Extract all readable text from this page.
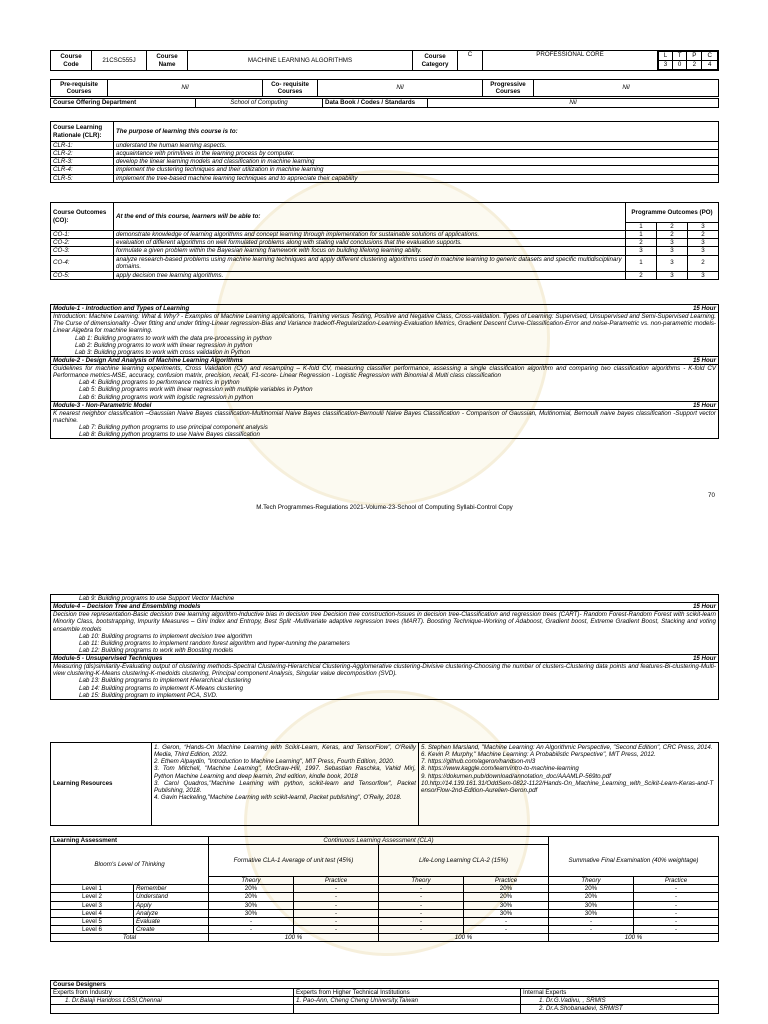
Course Code	21CSC555J	Course Name	MACHINE LEARNING ALGORITHMS	Course Category	C	PROFESSIONAL CORE		L	T	P	C
3	0	2	4
Pre-requisite Courses	Nil	Co- requisite Courses	Nil	Progressive Courses	Nil
Course Offering Department	School of Computing	Data Book / Codes / Standards	Nil
Course Learning Rationale (CLR):	The purpose of learning this course is to:
CLR-1:	understand the human learning aspects.
CLR-2:	acquaintance with primitives in the learning process by computer.
CLR-3:	develop the linear learning models and classification in machine learning
CLR-4:	implement the clustering techniques and their utilization in machine learning
CLR-5:	implement the tree-based machine learning techniques and to appreciate their capability
Course Outcomes (CO):	At the end of this course, learners will be able to:	Programme Outcomes (PO)		
		1	2	3
CO-1:	demonstrate knowledge of learning algorithms and concept learning through implementation for sustainable solutions of applications.	1	2	2
CO-2:	evaluation of different algorithms on well formulated problems along with stating valid conclusions that the evaluation supports.	2	3	3
CO-3:	formulate a given problem within the Bayesian learning framework with focus on building lifelong learning ability.	3	3	3
CO-4:	analyze research-based problems using machine learning techniques and apply different clustering algorithms used in machine learning to generic datasets and specific multidisciplinary domains.	1	3	2
CO-5:	apply decision tree learning algorithms.	2	3	3
Module-1 - Introduction and Types of Learning	15 Hour

Introduction: Machine Learning: What & Why? - Examples of Machine Learning applications, Training versus Testing, Positive and Negative Class, Cross-validation. Types of Learning: Supervised, Unsupervised and Semi-Supervised Learning. The Curse of dimensionality -Over fitting and under fitting-Linear regression-Bias and Variance tradeoff-Regularization-Learning-Evaluation Metrics, Gradient Descent Curve-Classification-Error and noise-Parametric vs. non-parametric models-Linear Algebra for machine learning.
Lab 1: Building programs to work with the data pre-processing in python
Lab 2: Building programs to work with linear regression in python
Lab 3: Building programs to work with cross validation in Python

Module-2 - Design And Analysis of Machine Learning Algorithms	15 Hour

Guidelines for machine learning experiments, Cross Validation (CV) and resampling – K-fold CV, measuring classifier performance, assessing a single classification algorithm and comparing two classification algorithms - K-fold CV Performance metrics-MSE, accuracy, confusion matrix, precision, recall, F1-score- Linear Regression - Logistic Regression with Binomial & Multi class classification
Lab 4: Building programs to performance metrics in python
Lab 5: Building programs work with linear regression with multiple variables in Python
Lab 6: Building programs work with logistic regression in python

Module-3 - Non-Parametric Model	15 Hour

K nearest neighbor classification –Gaussian Naive Bayes classification-Multinomial Naive Bayes classification-Bernoulli Naive Bayes Classification - Comparison of Gaussian, Multinomial, Bernoulli naive bayes classification -Support vector machine.
Lab 7: Building python programs to use principal component analysis
Lab 8: Building python programs to use Naive Bayes classification
70
M.Tech Programmes-Regulations 2021-Volume-23-School of Computing Syllabi-Control Copy
Lab 9: Building programs to use Support Vector Machine

Module-4 – Decision Tree and Ensembling models	15 Hour

Decision tree representation-Basic decision tree learning algorithm-Inductive bias in decision tree Decision tree construction-Issues in decision tree-Classification and regression trees (CART)- Random Forest-Random Forest with scikit-learn Minority Class, bootstrapping, Impurity Measures – Gini Index and Entropy, Best Split -Multivariate adaptive regression trees (MART). Boosting Technique-Working of Adaboost, Gradient boost, Extreme Gradient Boost, Stacking and voting ensemble models
Lab 10: Building programs to implement decision tree algorithm
Lab 11: Building programs to implement random forest algorithm and hyper-tunning the parameters
Lab 12: Building programs to work with Boosting models

Module-5 - Unsupervised Techniques	15 Hour

Measuring (dis)similarity-Evaluating output of clustering methods-Spectral Clustering-Hierarchical Clustering-Agglomerative clustering-Divisive clustering-Choosing the number of clusters-Clustering data points and features-Bi-clustering-Multi-view clustering-K-Means clustering-K-medoids clustering, Principal component Analysis, Singular value decomposition (SVD).
Lab 13: Building programs to implement Hierarchical clustering
Lab 14: Building programs to implement K-Means clustering
Lab 15: Building program to implement PCA, SVD.
Learning Resources	
1. Geron, “Hands-On Machine Learning with Scikit-Learn, Keras, and TensorFlow”, O'Reilly Media, Third Edition, 2022.
2. Ethem Alpaydin, "Introduction to Machine Learning", MIT Press, Fourth Edition, 2020.
3. Tom Mitchell, "Machine Learning", McGraw-Hill, 1997. Sebastian Raschka, Vahid Mirj, Python Machine Learning and deep learnin, 2nd edition, kindle book, 2018
3. Carol Quadros,"Machine Learning with python, scikit-learn and Tensorflow", Packet Publishing, 2018.
4. Gavin Hackeling,"Machine Learning with scikit-learnll, Packet publishing", O'Reily, 2018.

5. Stephen Marsland, "Machine Learning: An Algorithmic Perspective, "Second Edition", CRC Press, 2014.
6. Kevin P. Murphy," Machine Learning: A Probabilistic Perspective", MIT Press, 2012.
7. https://github.com/ageron/handson-ml3
8. https://www.kaggle.com/learn/intro-to-machine-learning
9. https://dokumen.pub/download/annotation_doc/AAAMLP-569to.pdf
10.http://14.139.161.31/OddSem-0822-1122/Hands-On_Machine_Learning_with_Scikit-Learn-Keras-and-TensorFlow-2nd-Edition-Aurelien-Geron.pdf
Learning Assessment		Continuous Learning Assessment (CLA)					
Bloom's Level of Thinking		Formative CLA-1 Average of unit test (45%)		Life-Long Learning CLA-2 (15%)		Summative Final Examination (40% weightage)	
		Theory	Practice	Theory	Practice	Theory	Practice
Level 1	Remember	20%	-	-	20%	20%	-
Level 2	Understand	20%	-	-	20%	20%	-
Level 3	Apply	30%	-	-	30%	30%	-
Level 4	Analyze	30%	-	-	30%	30%	-
Level 5	Evaluate	-	-	-	-	-	-
Level 6	Create	-	-	-	-	-	-
Total		100 %		100 %		100 %	
Course Designers		
Experts from Industry	Experts from Higher Technical Institutions	Internal Experts
1. Dr.Balaji Haridoss LGSI,Chennai	1. Pao-Ann, Cheng Cheng University,Taiwan	1. Dr.G.Vadivu, , SRMIS
		2. Dr.A.Shobanadevi, SRMIST
